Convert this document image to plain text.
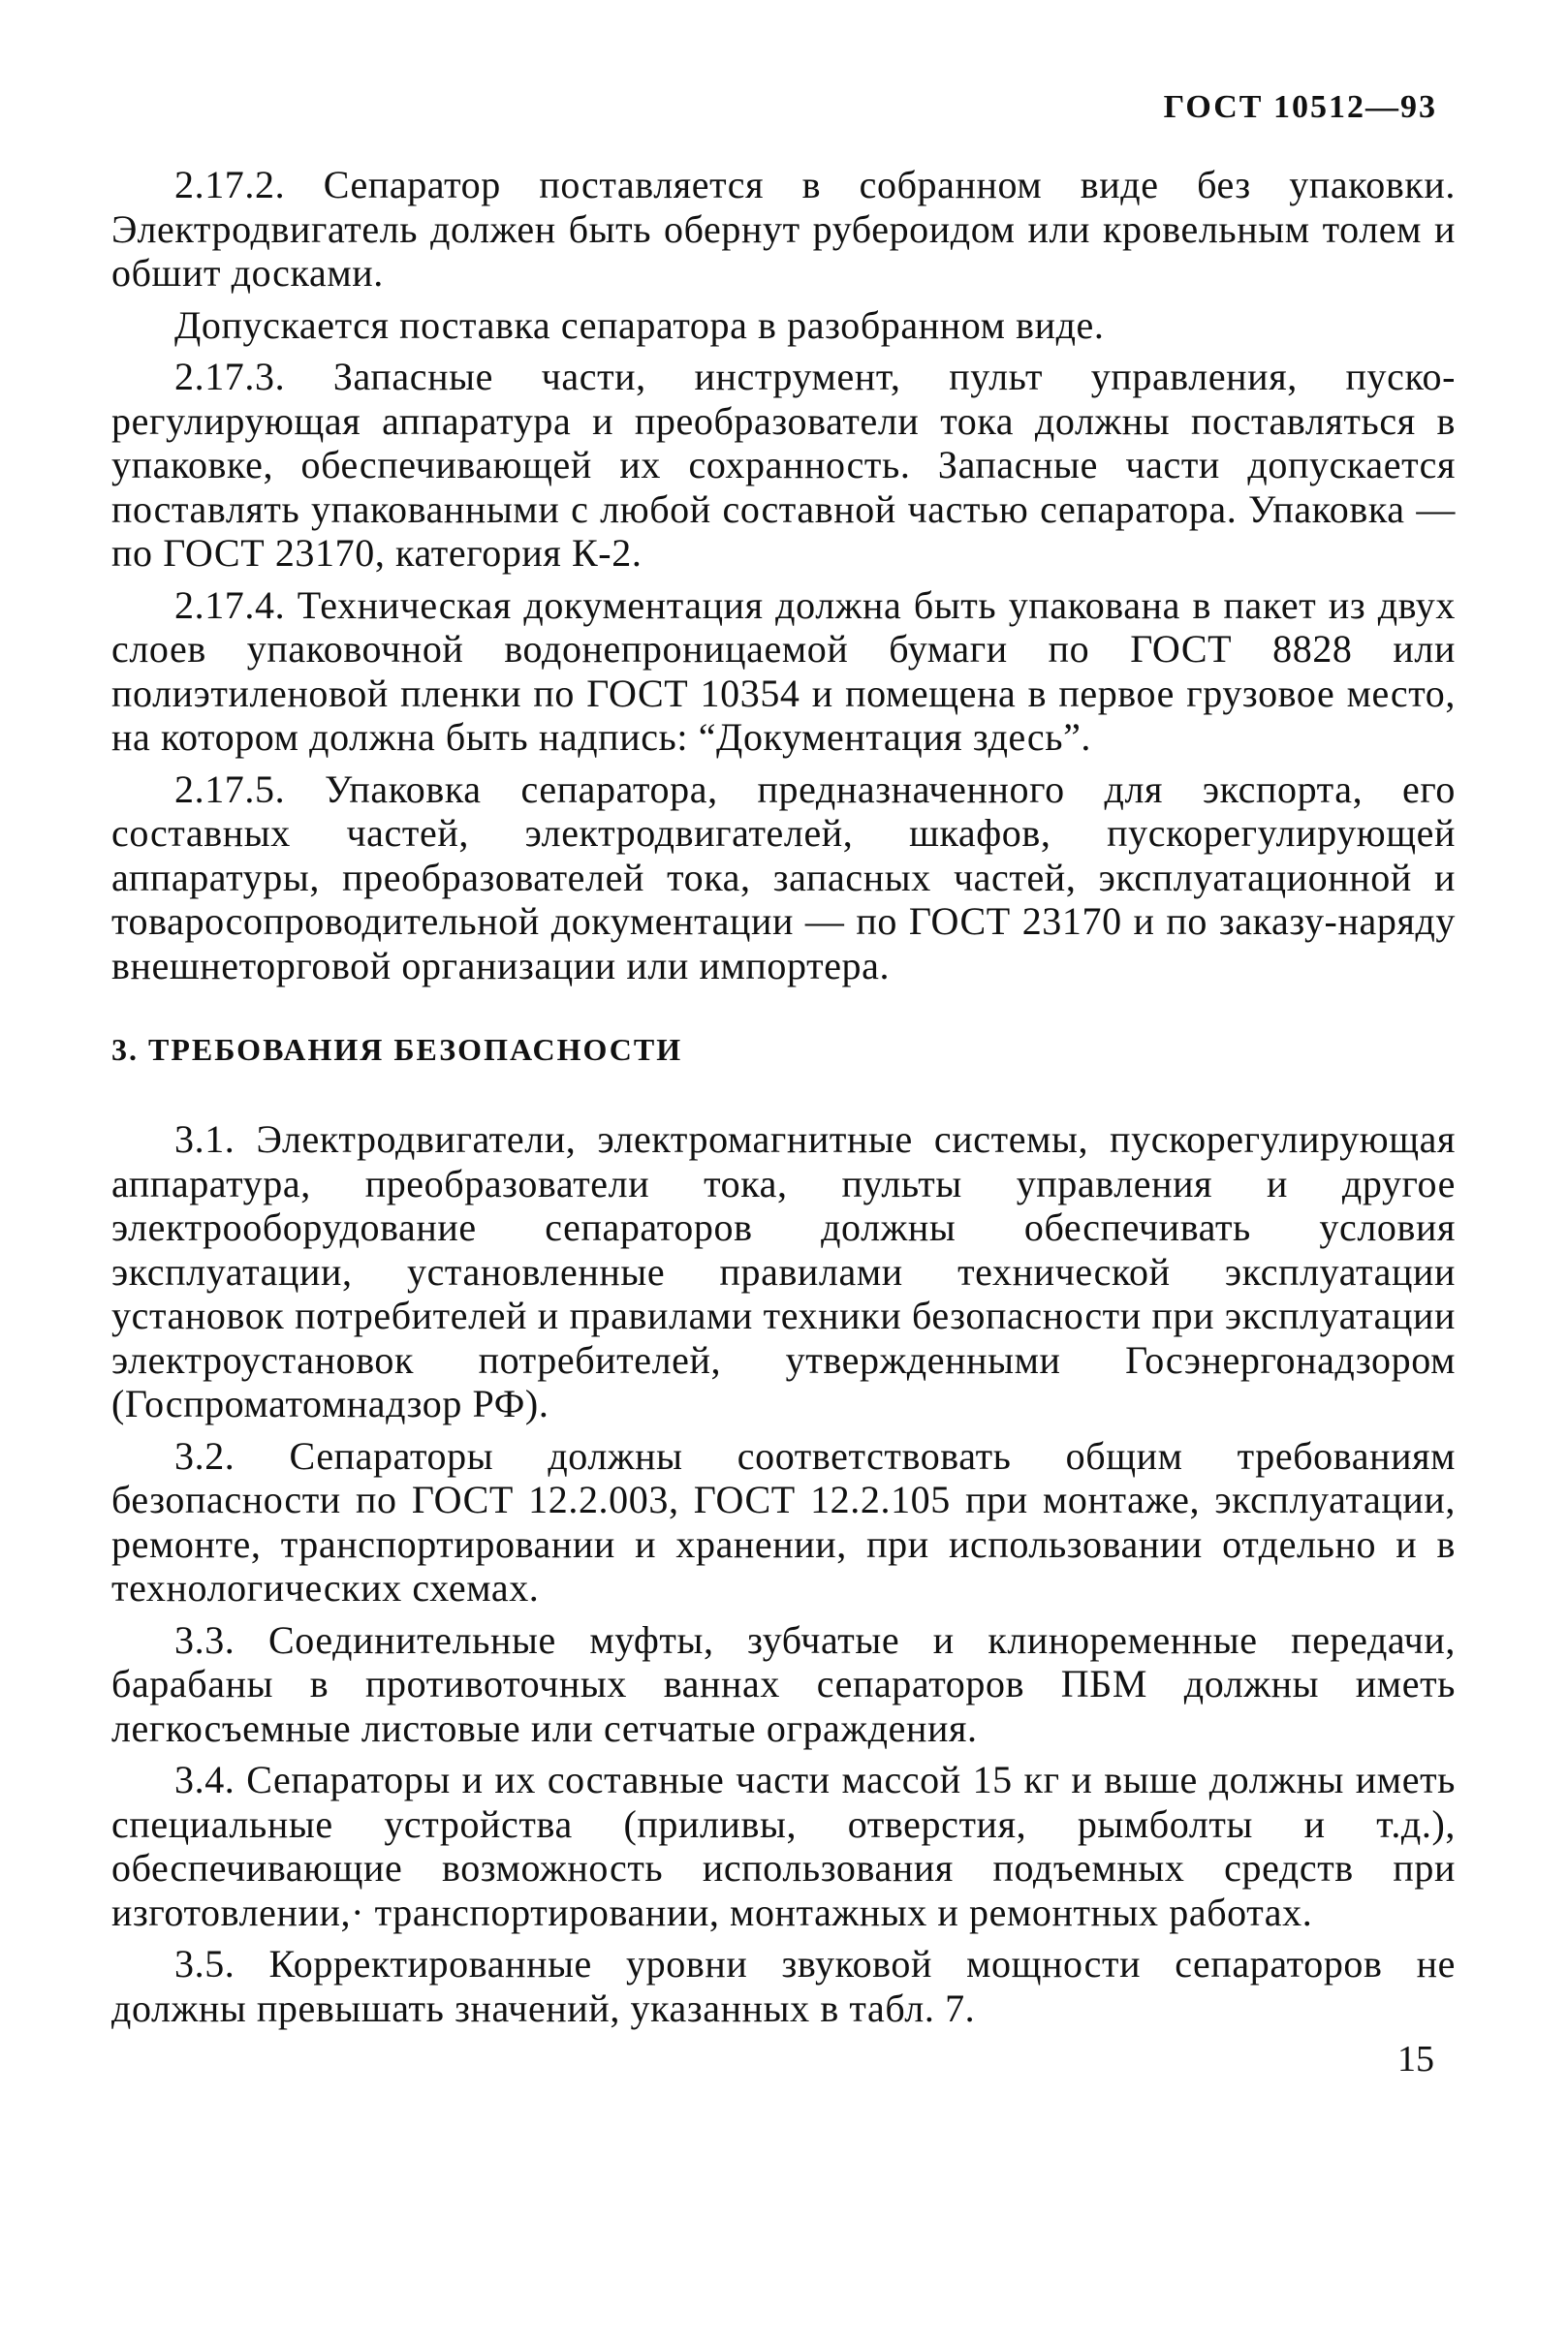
ГОСТ 10512—93

2.17.2. Сепаратор поставляется в собранном виде без упаковки. Электродвигатель должен быть обернут рубероидом или кровельным толем и обшит досками.

Допускается поставка сепаратора в разобранном виде.

2.17.3. Запасные части, инструмент, пульт управления, пуско-регулирующая аппаратура и преобразователи тока должны поставляться в упаковке, обеспечивающей их сохранность. Запасные части допускается поставлять упакованными с любой составной частью сепаратора. Упаковка — по ГОСТ 23170, категория К-2.

2.17.4. Техническая документация должна быть упакована в пакет из двух слоев упаковочной водонепроницаемой бумаги по ГОСТ 8828 или полиэтиленовой пленки по ГОСТ 10354 и помещена в первое грузовое место, на котором должна быть надпись: “Документация здесь”.

2.17.5. Упаковка сепаратора, предназначенного для экспорта, его составных частей, электродвигателей, шкафов, пускорегулирующей аппаратуры, преобразователей тока, запасных частей, эксплуатационной и товаросопроводительной документации — по ГОСТ 23170 и по заказу-наряду внешнеторговой организации или импортера.

3. ТРЕБОВАНИЯ БЕЗОПАСНОСТИ

3.1. Электродвигатели, электромагнитные системы, пускорегулирующая аппаратура, преобразователи тока, пульты управления и другое электрооборудование сепараторов должны обеспечивать условия эксплуатации, установленные правилами технической эксплуатации установок потребителей и правилами техники безопасности при эксплуатации электроустановок потребителей, утвержденными Госэнергонадзором (Госпроматомнадзор РФ).

3.2. Сепараторы должны соответствовать общим требованиям безопасности по ГОСТ 12.2.003, ГОСТ 12.2.105 при монтаже, эксплуатации, ремонте, транспортировании и хранении, при использовании отдельно и в технологических схемах.

3.3. Соединительные муфты, зубчатые и клиноременные передачи, барабаны в противоточных ваннах сепараторов ПБМ должны иметь легкосъемные листовые или сетчатые ограждения.

3.4. Сепараторы и их составные части массой 15 кг и выше должны иметь специальные устройства (приливы, отверстия, рымболты и т.д.), обеспечивающие возможность использования подъемных средств при изготовлении,· транспортировании, монтажных и ремонтных работах.

3.5. Корректированные уровни звуковой мощности сепараторов не должны превышать значений, указанных в табл. 7.

15
